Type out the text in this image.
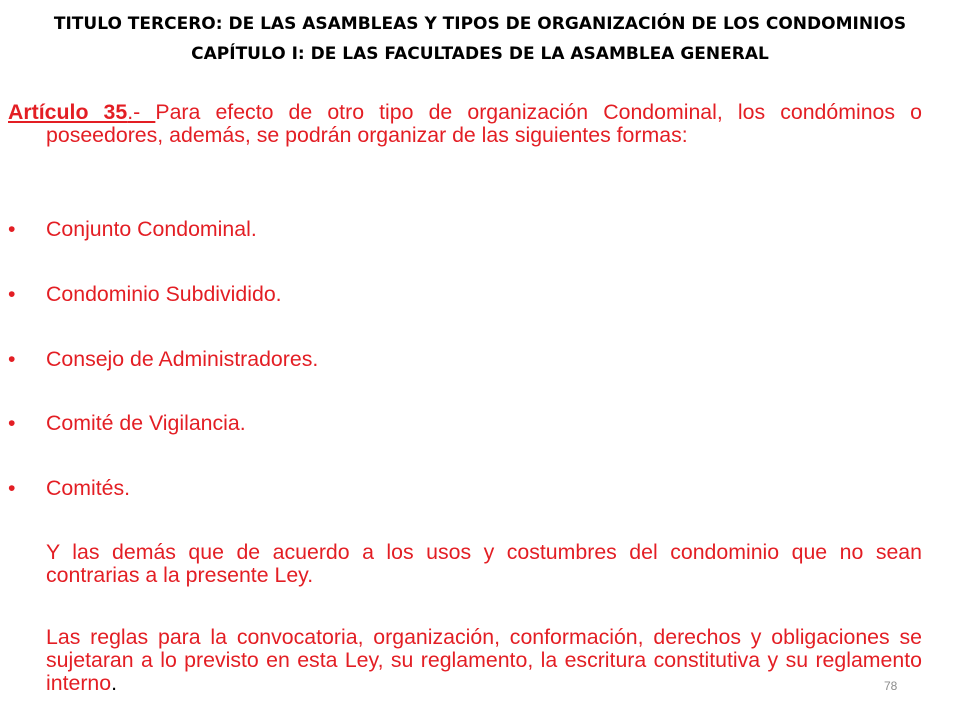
TITULO TERCERO: DE LAS ASAMBLEAS Y TIPOS DE ORGANIZACIÓN DE LOS CONDOMINIOS
CAPÍTULO I: DE LAS FACULTADES DE LA ASAMBLEA GENERAL
Artículo 35.- Para efecto de otro tipo de organización Condominal, los condóminos o poseedores, además, se podrán organizar de las siguientes formas:
• Conjunto Condominal.
• Condominio Subdividido.
• Consejo de Administradores.
• Comité de Vigilancia.
• Comités.
Y las demás que de acuerdo a los usos y costumbres del condominio que no sean contrarias a la presente Ley.
Las reglas para la convocatoria, organización, conformación, derechos y obligaciones se sujetaran a lo previsto en esta Ley, su reglamento, la escritura constitutiva y su reglamento interno.	78
